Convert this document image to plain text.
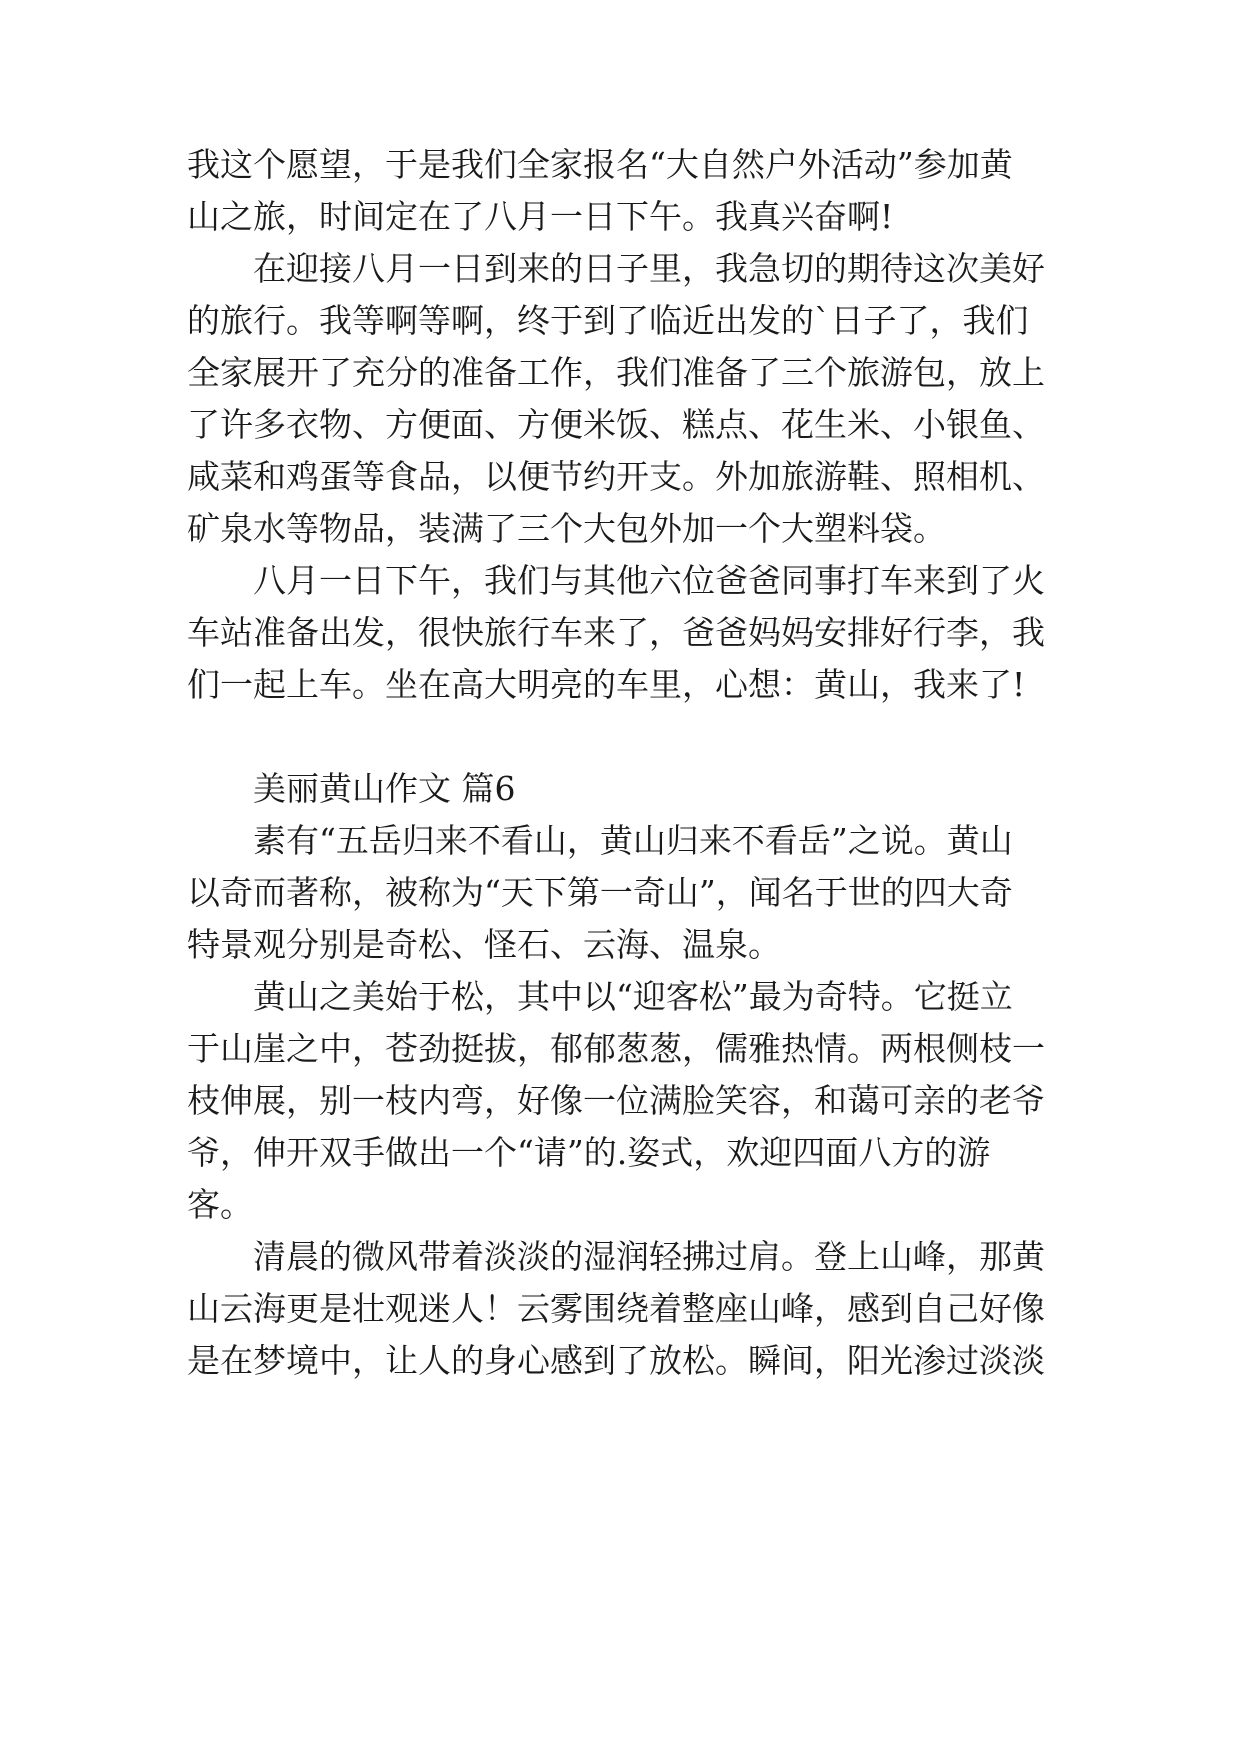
我这个愿望，于是我们全家报名“大自然户外活动”参加黄
山之旅，时间定在了八月一日下午。我真兴奋啊!
在迎接八月一日到来的日子里，我急切的期待这次美好
的旅行。我等啊等啊，终于到了临近出发的`日子了，我们
全家展开了充分的准备工作，我们准备了三个旅游包，放上
了许多衣物、方便面、方便米饭、糕点、花生米、小银鱼、
咸菜和鸡蛋等食品，以便节约开支。外加旅游鞋、照相机、
矿泉水等物品，装满了三个大包外加一个大塑料袋。
八月一日下午，我们与其他六位爸爸同事打车来到了火
车站准备出发，很快旅行车来了，爸爸妈妈安排好行李，我
们一起上车。坐在高大明亮的车里，心想：黄山，我来了!
美丽黄山作文 篇6
素有“五岳归来不看山，黄山归来不看岳”之说。黄山
以奇而著称，被称为“天下第一奇山”，闻名于世的四大奇
特景观分别是奇松、怪石、云海、温泉。
黄山之美始于松，其中以“迎客松”最为奇特。它挺立
于山崖之中，苍劲挺拔，郁郁葱葱，儒雅热情。两根侧枝一
枝伸展，别一枝内弯，好像一位满脸笑容，和蔼可亲的老爷
爷，伸开双手做出一个“请”的.姿式，欢迎四面八方的游
客。
清晨的微风带着淡淡的湿润轻拂过肩。登上山峰，那黄
山云海更是壮观迷人！云雾围绕着整座山峰，感到自己好像
是在梦境中，让人的身心感到了放松。瞬间，阳光渗过淡淡
